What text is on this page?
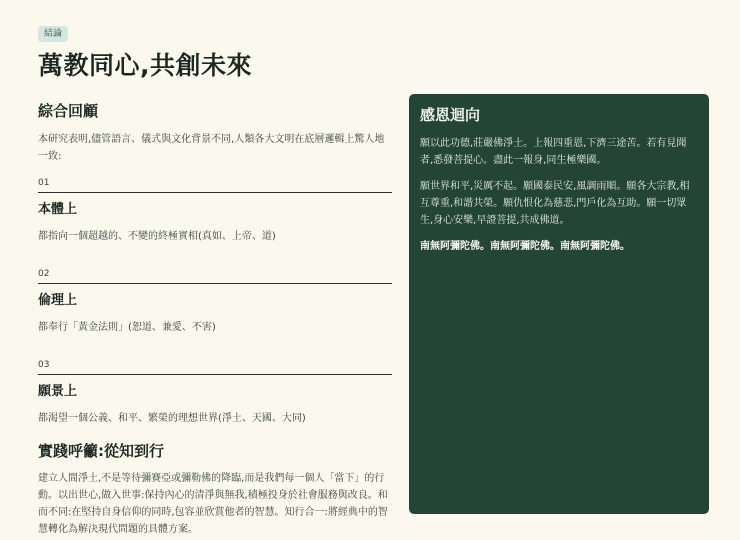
結論
萬教同心,共創未來
綜合回顧

本研究表明,儘管語言、儀式與文化背景不同,人類各大文明在底層邏輯上驚人地一致:

01
本體上
都指向一個超越的、不變的終極實相(真如、上帝、道)
02
倫理上
都奉行「黃金法則」(恕道、兼愛、不害)
03
願景上
都渴望一個公義、和平、繁榮的理想世界(淨土、天國、大同)
實踐呼籲:從知到行
建立人間淨土,不是等待彌賽亞或彌勒佛的降臨,而是我們每一個人「當下」的行動。以出世心,做入世事:保持內心的清淨與無我,積極投身於社會服務與改良。和而不同:在堅持自身信仰的同時,包容並欣賞他者的智慧。知行合一:將經典中的智慧轉化為解決現代問題的具體方案。
感恩迴向

願以此功德,莊嚴佛淨土。上報四重恩,下濟三途苦。若有見聞者,悉發菩提心。盡此一報身,同生極樂國。

願世界和平,災厲不起。願國泰民安,風調雨順。願各大宗教,相互尊重,和諧共榮。願仇恨化為慈悲,門戶化為互助。願一切眾生,身心安樂,早證菩提,共成佛道。

南無阿彌陀佛。南無阿彌陀佛。南無阿彌陀佛。
